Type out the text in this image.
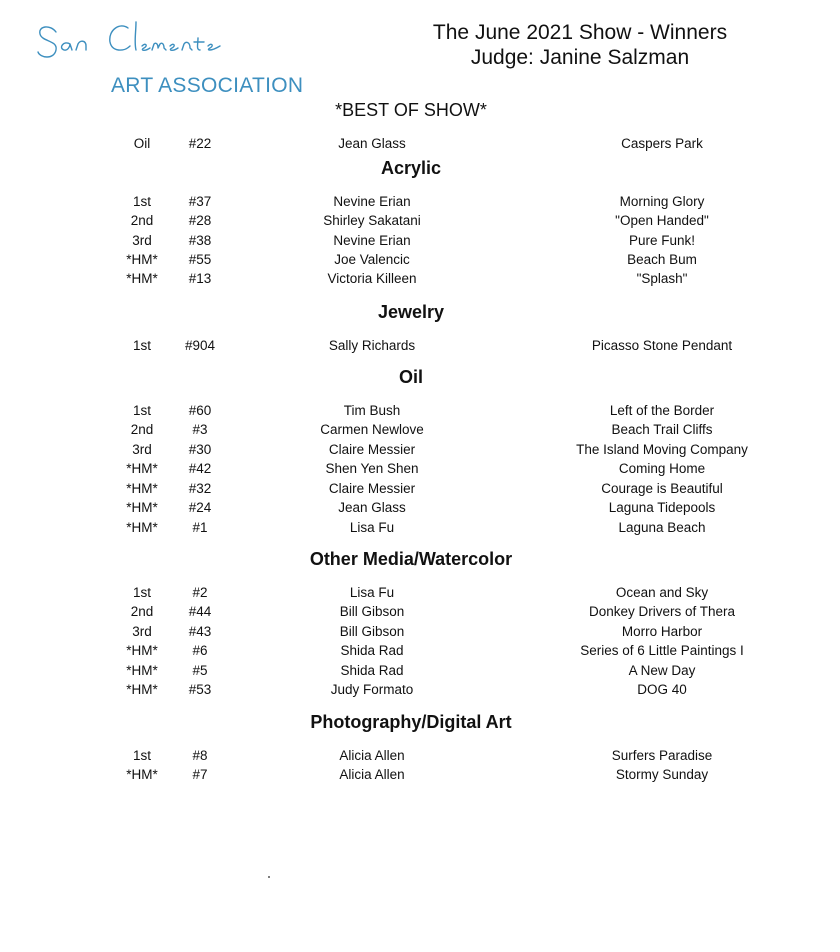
ART ASSOCIATION
The June 2021 Show - Winners
Judge: Janine Salzman
*BEST OF SHOW*
Oil	#22	Jean Glass	Caspers Park
Acrylic
1st	#37	Nevine Erian	Morning Glory
2nd	#28	Shirley Sakatani	"Open Handed"
3rd	#38	Nevine Erian	Pure Funk!
*HM* #55	Joe Valencic	Beach Bum
*HM* #13	Victoria Killeen	"Splash"
Jewelry
1st	#904	Sally Richards	Picasso Stone Pendant
Oil
1st	#60	Tim Bush	Left of the Border
2nd	#3	Carmen Newlove	Beach Trail Cliffs
3rd	#30	Claire Messier	The Island Moving Company
*HM* #42	Shen Yen Shen	Coming Home
*HM* #32	Claire Messier	Courage is Beautiful
*HM* #24	Jean Glass	Laguna Tidepools
*HM*	#1	Lisa Fu	Laguna Beach
Other Media/Watercolor
1st	#2	Lisa Fu	Ocean and Sky
2nd	#44	Bill Gibson	Donkey Drivers of Thera
3rd	#43	Bill Gibson	Morro Harbor
*HM*	#6	Shida Rad	Series of 6 Little Paintings I
*HM*	#5	Shida Rad	A New Day
*HM* #53	Judy Formato	DOG 40
Photography/Digital Art
1st	#8	Alicia Allen	Surfers Paradise
*HM*	#7	Alicia Allen	Stormy Sunday
